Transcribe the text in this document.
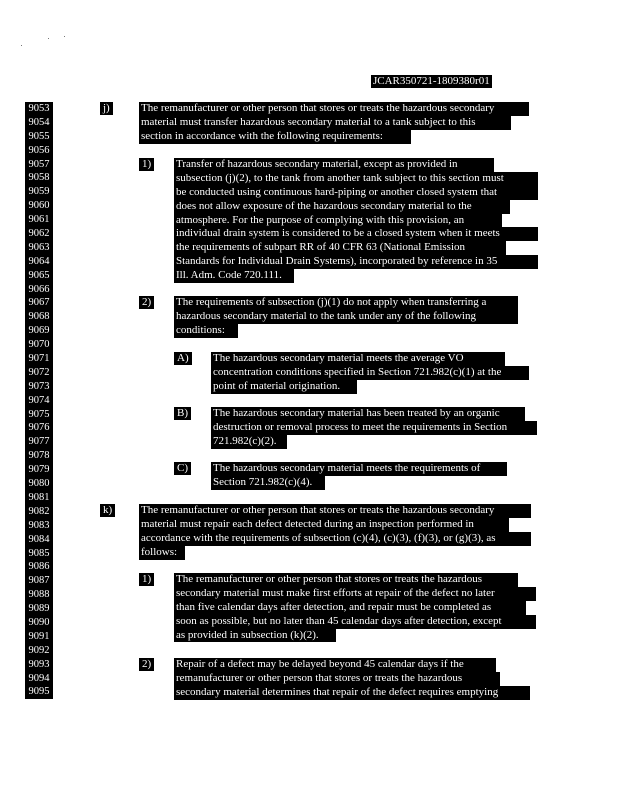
JCAR350721-1809380r01
9053
9054
9055
9056
9057
9058
9059
9060
9061
9062
9063
9064
9065
9066
9067
9068
9069
9070
9071
9072
9073
9074
9075
9076
9077
9078
9079
9080
9081
9082
9083
9084
9085
9086
9087
9088
9089
9090
9091
9092
9093
9094
9095
j)	The remanufacturer or other person that stores or treats the hazardous secondary
material must transfer hazardous secondary material to a tank subject to this
section in accordance with the following requirements:
1) Transfer of hazardous secondary material, except as provided in
subsection (j)(2), to the tank from another tank subject to this section must
be conducted using continuous hard-piping or another closed system that
does not allow exposure of the hazardous secondary material to the
atmosphere. For the purpose of complying with this provision, an
individual drain system is considered to be a closed system when it meets
the requirements of subpart RR of 40 CFR 63 (National Emission
Standards for Individual Drain Systems), incorporated by reference in 35
Ill. Adm. Code 720.111.
2) The requirements of subsection (j)(1) do not apply when transferring a
hazardous secondary material to the tank under any of the following
conditions:
A) The hazardous secondary material meets the average VO
concentration conditions specified in Section 721.982(c)(1) at the
point of material origination.
B) The hazardous secondary material has been treated by an organic
destruction or removal process to meet the requirements in Section
721.982(c)(2).
C) The hazardous secondary material meets the requirements of
Section 721.982(c)(4).
k)	The remanufacturer or other person that stores or treats the hazardous secondary
material must repair each defect detected during an inspection performed in
accordance with the requirements of subsection (c)(4), (c)(3), (f)(3), or (g)(3), as
follows:
1) The remanufacturer or other person that stores or treats the hazardous
secondary material must make first efforts at repair of the defect no later
than five calendar days after detection, and repair must be completed as
soon as possible, but no later than 45 calendar days after detection, except
as provided in subsection (k)(2).
2) Repair of a defect may be delayed beyond 45 calendar days if the
remanufacturer or other person that stores or treats the hazardous
secondary material determines that repair of the defect requires emptying
